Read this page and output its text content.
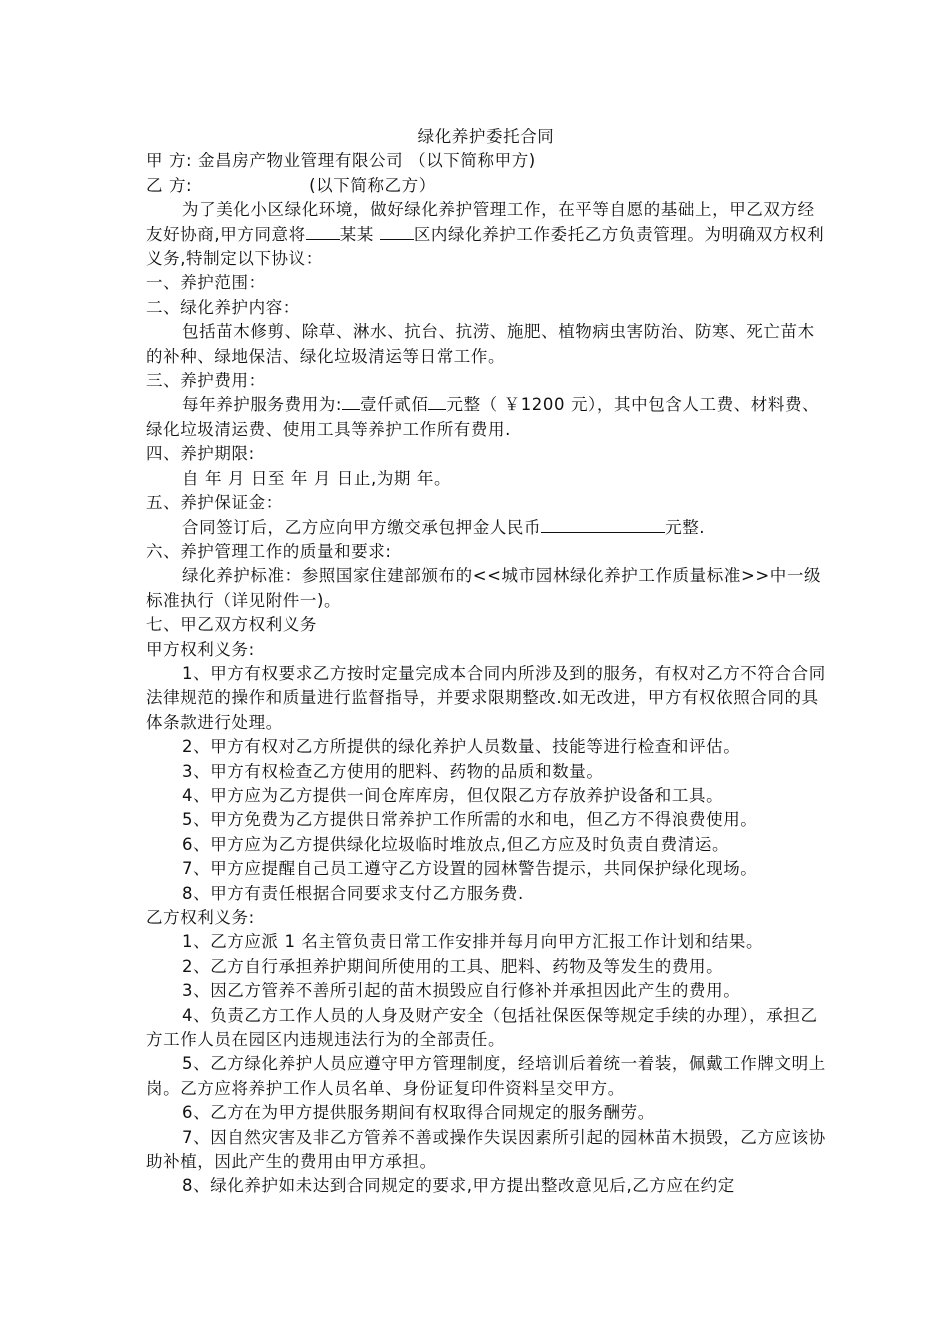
绿化养护委托合同

甲 方: 金昌房产物业管理有限公司 （以下简称甲方)

乙 方:                    (以下简称乙方）

为了美化小区绿化环境，做好绿化养护管理工作，在平等自愿的基础上，甲乙双方经友好协商,甲方同意将 某某 区内绿化养护工作委托乙方负责管理。为明确双方权利义务,特制定以下协议：

一、养护范围：

二、绿化养护内容：

包括苗木修剪、除草、淋水、抗台、抗涝、施肥、植物病虫害防治、防寒、死亡苗木的补种、绿地保洁、绿化垃圾清运等日常工作。

三、养护费用：

每年养护服务费用为: 壹仟贰佰 元整（ ￥1200 元），其中包含人工费、材料费、绿化垃圾清运费、使用工具等养护工作所有费用.

四、养护期限:

自 年 月 日至 年 月 日止,为期 年。

五、养护保证金：

合同签订后，乙方应向甲方缴交承包押金人民币	元整.

六、养护管理工作的质量和要求:

绿化养护标准：参照国家住建部颁布的<<城市园林绿化养护工作质量标准>>中一级标准执行（详见附件一)。

七、甲乙双方权利义务

甲方权利义务:

1、甲方有权要求乙方按时定量完成本合同内所涉及到的服务，有权对乙方不符合合同法律规范的操作和质量进行监督指导，并要求限期整改.如无改进，甲方有权依照合同的具体条款进行处理。

2、甲方有权对乙方所提供的绿化养护人员数量、技能等进行检查和评估。

3、甲方有权检查乙方使用的肥料、药物的品质和数量。

4、甲方应为乙方提供一间仓库库房，但仅限乙方存放养护设备和工具。

5、甲方免费为乙方提供日常养护工作所需的水和电，但乙方不得浪费使用。

6、甲方应为乙方提供绿化垃圾临时堆放点,但乙方应及时负责自费清运。

7、甲方应提醒自己员工遵守乙方设置的园林警告提示，共同保护绿化现场。

8、甲方有责任根据合同要求支付乙方服务费.

乙方权利义务:

1、乙方应派 1 名主管负责日常工作安排并每月向甲方汇报工作计划和结果。

2、乙方自行承担养护期间所使用的工具、肥料、药物及等发生的费用。

3、因乙方管养不善所引起的苗木损毁应自行修补并承担因此产生的费用。

4、负责乙方工作人员的人身及财产安全（包括社保医保等规定手续的办理），承担乙方工作人员在园区内违规违法行为的全部责任。

5、乙方绿化养护人员应遵守甲方管理制度，经培训后着统一着装，佩戴工作牌文明上岗。乙方应将养护工作人员名单、身份证复印件资料呈交甲方。

6、乙方在为甲方提供服务期间有权取得合同规定的服务酬劳。

7、因自然灾害及非乙方管养不善或操作失误因素所引起的园林苗木损毁，乙方应该协助补植，因此产生的费用由甲方承担。

8、绿化养护如未达到合同规定的要求,甲方提出整改意见后,乙方应在约定
